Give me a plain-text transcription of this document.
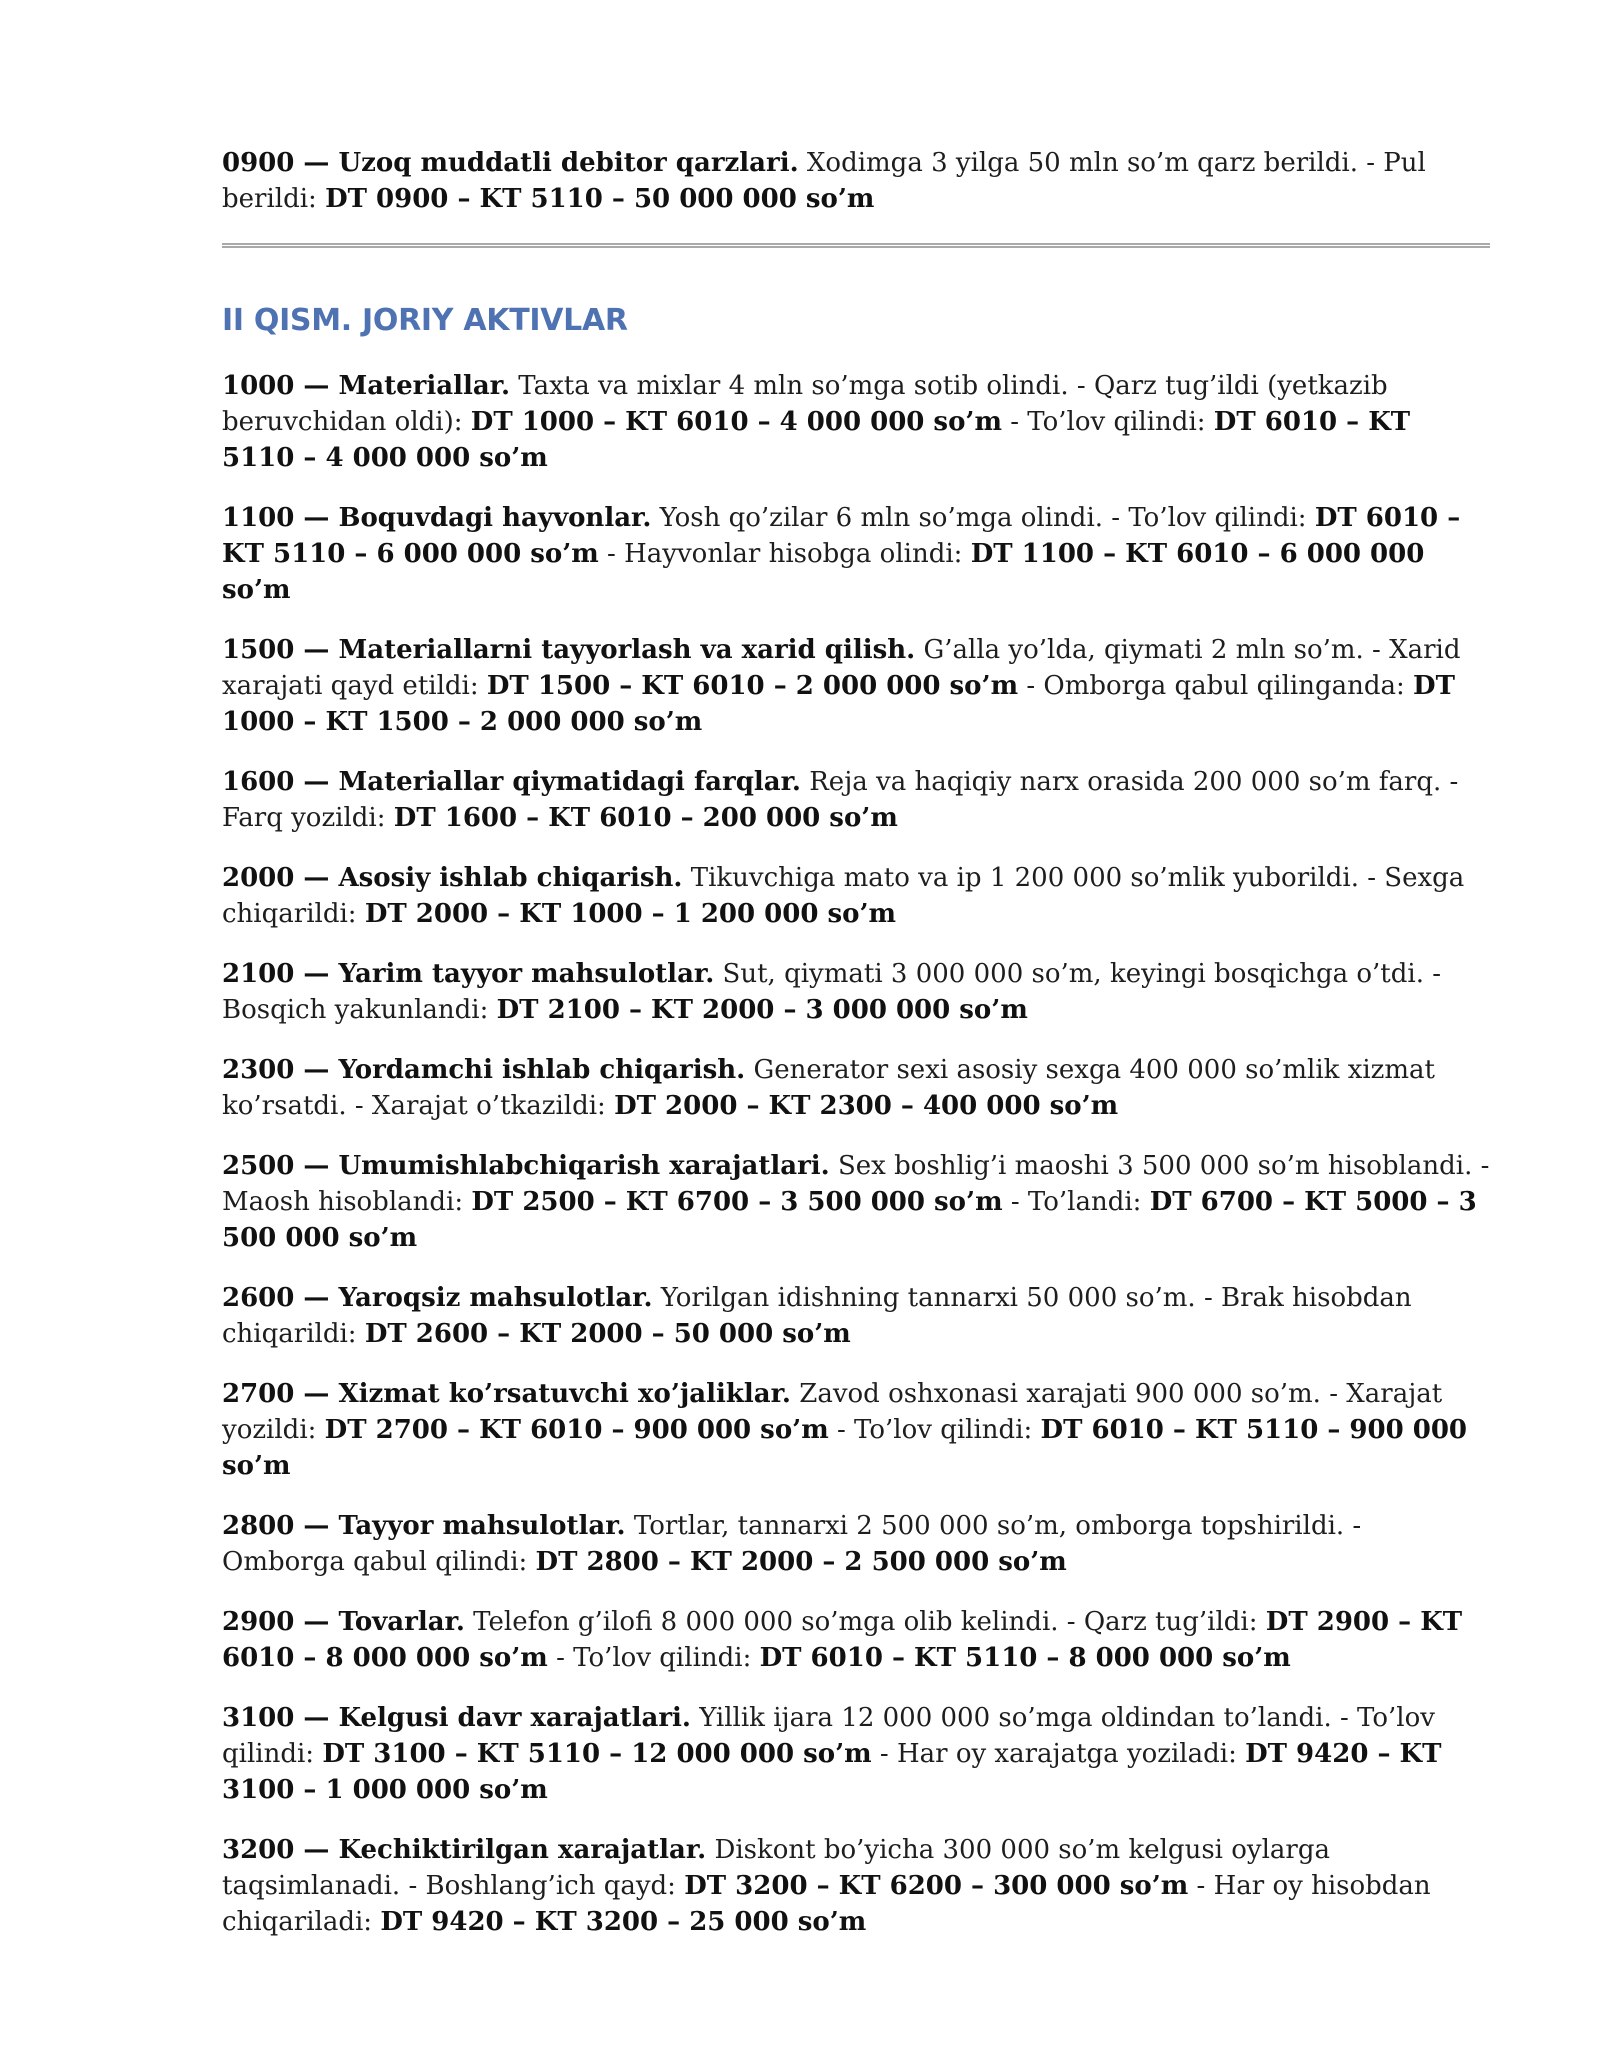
0900 — Uzoq muddatli debitor qarzlari. Xodimga 3 yilga 50 mln so’m qarz berildi. - Pul berildi: DT 0900 – KT 5110 – 50 000 000 so’m

II QISM. JORIY AKTIVLAR

1000 — Materiallar. Taxta va mixlar 4 mln so’mga sotib olindi. - Qarz tug’ildi (yetkazib beruvchidan oldi): DT 1000 – KT 6010 – 4 000 000 so’m - To’lov qilindi: DT 6010 – KT 5110 – 4 000 000 so’m

1100 — Boquvdagi hayvonlar. Yosh qo’zilar 6 mln so’mga olindi. - To’lov qilindi: DT 6010 – KT 5110 – 6 000 000 so’m - Hayvonlar hisobga olindi: DT 1100 – KT 6010 – 6 000 000 so’m

1500 — Materiallarni tayyorlash va xarid qilish. G’alla yo’lda, qiymati 2 mln so’m. - Xarid xarajati qayd etildi: DT 1500 – KT 6010 – 2 000 000 so’m - Omborga qabul qilinganda: DT 1000 – KT 1500 – 2 000 000 so’m

1600 — Materiallar qiymatidagi farqlar. Reja va haqiqiy narx orasida 200 000 so’m farq. - Farq yozildi: DT 1600 – KT 6010 – 200 000 so’m

2000 — Asosiy ishlab chiqarish. Tikuvchiga mato va ip 1 200 000 so’mlik yuborildi. - Sexga chiqarildi: DT 2000 – KT 1000 – 1 200 000 so’m

2100 — Yarim tayyor mahsulotlar. Sut, qiymati 3 000 000 so’m, keyingi bosqichga o’tdi. - Bosqich yakunlandi: DT 2100 – KT 2000 – 3 000 000 so’m

2300 — Yordamchi ishlab chiqarish. Generator sexi asosiy sexga 400 000 so’mlik xizmat ko’rsatdi. - Xarajat o’tkazildi: DT 2000 – KT 2300 – 400 000 so’m

2500 — Umumishlabchiqarish xarajatlari. Sex boshlig’i maoshi 3 500 000 so’m hisoblandi. - Maosh hisoblandi: DT 2500 – KT 6700 – 3 500 000 so’m - To’landi: DT 6700 – KT 5000 – 3 500 000 so’m

2600 — Yaroqsiz mahsulotlar. Yorilgan idishning tannarxi 50 000 so’m. - Brak hisobdan chiqarildi: DT 2600 – KT 2000 – 50 000 so’m

2700 — Xizmat ko’rsatuvchi xo’jaliklar. Zavod oshxonasi xarajati 900 000 so’m. - Xarajat yozildi: DT 2700 – KT 6010 – 900 000 so’m - To’lov qilindi: DT 6010 – KT 5110 – 900 000 so’m

2800 — Tayyor mahsulotlar. Tortlar, tannarxi 2 500 000 so’m, omborga topshirildi. - Omborga qabul qilindi: DT 2800 – KT 2000 – 2 500 000 so’m

2900 — Tovarlar. Telefon g’ilofi 8 000 000 so’mga olib kelindi. - Qarz tug’ildi: DT 2900 – KT 6010 – 8 000 000 so’m - To’lov qilindi: DT 6010 – KT 5110 – 8 000 000 so’m

3100 — Kelgusi davr xarajatlari. Yillik ijara 12 000 000 so’mga oldindan to’landi. - To’lov qilindi: DT 3100 – KT 5110 – 12 000 000 so’m - Har oy xarajatga yoziladi: DT 9420 – KT 3100 – 1 000 000 so’m

3200 — Kechiktirilgan xarajatlar. Diskont bo’yicha 300 000 so’m kelgusi oylarga taqsimlanadi. - Boshlang’ich qayd: DT 3200 – KT 6200 – 300 000 so’m - Har oy hisobdan chiqariladi: DT 9420 – KT 3200 – 25 000 so’m
